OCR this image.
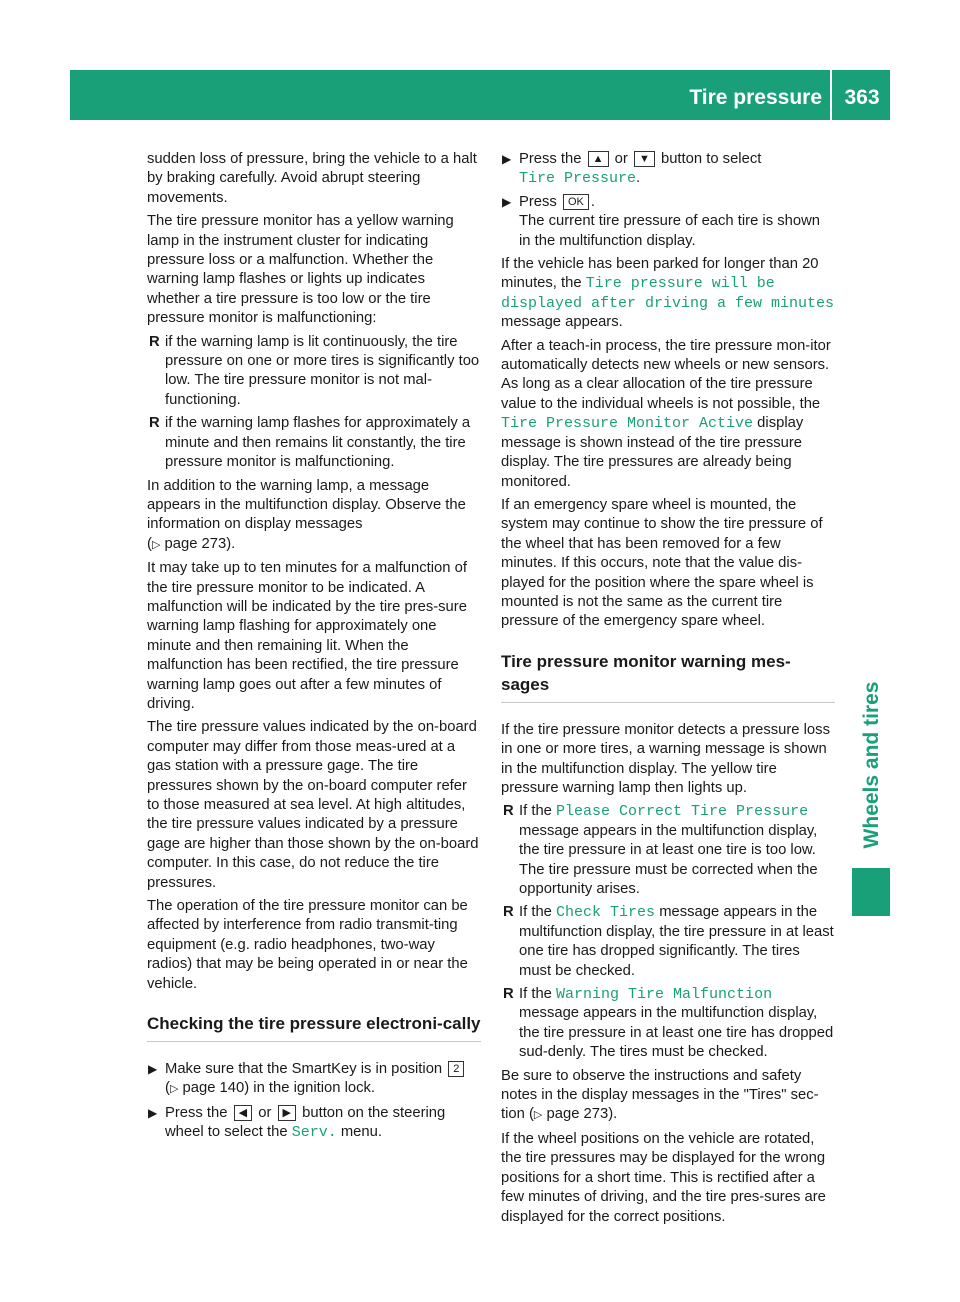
Tire pressure 363
Wheels and tires

sudden loss of pressure, bring the vehicle to a halt by braking carefully. Avoid abrupt steering movements.

The tire pressure monitor has a yellow warning lamp in the instrument cluster for indicating pressure loss or a malfunction. Whether the warning lamp flashes or lights up indicates whether a tire pressure is too low or the tire pressure monitor is malfunctioning:

R if the warning lamp is lit continuously, the tire pressure on one or more tires is significantly too low. The tire pressure monitor is not mal-functioning.
R if the warning lamp flashes for approximately a minute and then remains lit constantly, the tire pressure monitor is malfunctioning.

In addition to the warning lamp, a message appears in the multifunction display. Observe the information on display messages
(▷ page 273).

It may take up to ten minutes for a malfunction of the tire pressure monitor to be indicated. A malfunction will be indicated by the tire pres-sure warning lamp flashing for approximately one minute and then remaining lit. When the malfunction has been rectified, the tire pressure warning lamp goes out after a few minutes of driving.

The tire pressure values indicated by the on-board computer may differ from those meas-ured at a gas station with a pressure gage. The tire pressures shown by the on-board computer refer to those measured at sea level. At high altitudes, the tire pressure values indicated by a pressure gage are higher than those shown by the on-board computer. In this case, do not reduce the tire pressures.

The operation of the tire pressure monitor can be affected by interference from radio transmit-ting equipment (e.g. radio headphones, two-way radios) that may be being operated in or near the vehicle.

Checking the tire pressure electroni-cally
▶ Make sure that the SmartKey is in position 2
(▷ page 140) in the ignition lock.
▶ Press the ◀ or ▶ button on the steering wheel to select the Serv. menu.
▶ Press the ▲ or ▼ button to select
Tire Pressure.
▶ Press OK .
The current tire pressure of each tire is shown in the multifunction display.

If the vehicle has been parked for longer than 20 minutes, the Tire pressure will be displayed after driving a few minutes message appears.

After a teach-in process, the tire pressure mon-itor automatically detects new wheels or new sensors. As long as a clear allocation of the tire pressure value to the individual wheels is not possible, the Tire Pressure Monitor Active display message is shown instead of the tire pressure display. The tire pressures are already being monitored.

If an emergency spare wheel is mounted, the system may continue to show the tire pressure of the wheel that has been removed for a few minutes. If this occurs, note that the value dis-played for the position where the spare wheel is mounted is not the same as the current tire pressure of the emergency spare wheel.

Tire pressure monitor warning mes-sages

If the tire pressure monitor detects a pressure loss in one or more tires, a warning message is shown in the multifunction display. The yellow tire pressure warning lamp then lights up.

R If the Please Correct Tire Pressure message appears in the multifunction display, the tire pressure in at least one tire is too low. The tire pressure must be corrected when the opportunity arises.
R If the Check Tires message appears in the multifunction display, the tire pressure in at least one tire has dropped significantly. The tires must be checked.
R If the Warning Tire Malfunction message appears in the multifunction display, the tire pressure in at least one tire has dropped sud-denly. The tires must be checked.

Be sure to observe the instructions and safety notes in the display messages in the "Tires" sec-tion (▷ page 273).

If the wheel positions on the vehicle are rotated, the tire pressures may be displayed for the wrong positions for a short time. This is rectified after a few minutes of driving, and the tire pres-sures are displayed for the correct positions.
